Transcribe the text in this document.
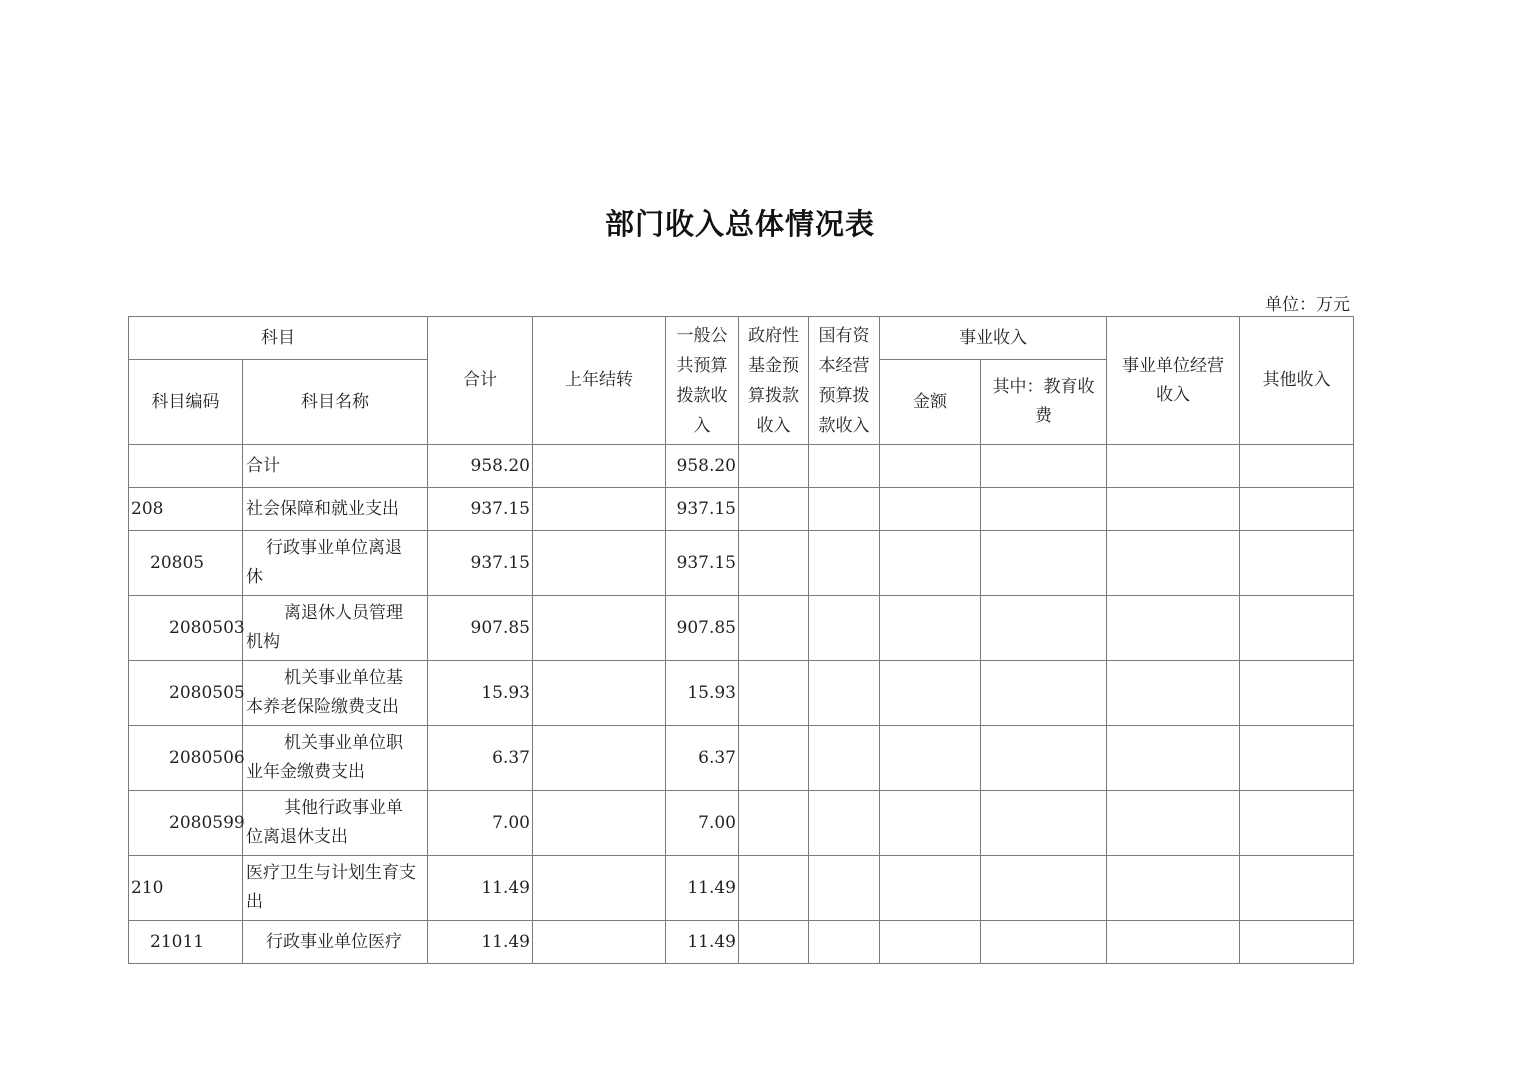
部门收入总体情况表
单位：万元
科目		合计	上年结转	一般公共预算拨款收入	政府性基金预算拨款收入	国有资本经营预算拨款收入	事业收入		事业单位经营收入	其他收入
科目编码	科目名称						金额	其中：教育收费		
	合计	958.20		958.20						
208	社会保障和就业支出	937.15		937.15						
20805	行政事业单位离退休	937.15		937.15						
2080503	离退休人员管理机构	907.85		907.85						
2080505	机关事业单位基本养老保险缴费支出	15.93		15.93						
2080506	机关事业单位职业年金缴费支出	6.37		6.37						
2080599	其他行政事业单位离退休支出	7.00		7.00						
210	医疗卫生与计划生育支出	11.49		11.49						
21011	行政事业单位医疗	11.49		11.49						
